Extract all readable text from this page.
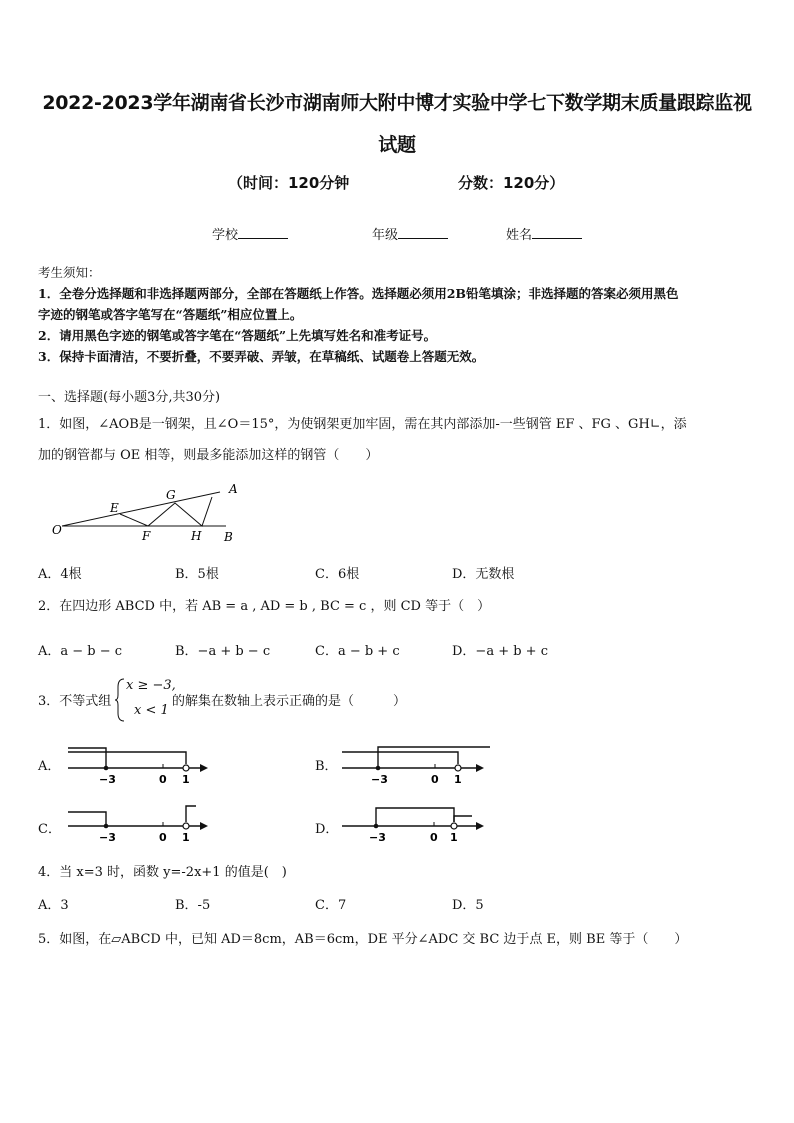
2022-2023学年湖南省长沙市湖南师大附中博才实验中学七下数学期末质量跟踪监视
试题
（时间：120分钟	分数：120分）
学校	年级	姓名
考生须知：
1．全卷分选择题和非选择题两部分，全部在答题纸上作答。选择题必须用2B铅笔填涂；非选择题的答案必须用黑色
字迹的钢笔或答字笔写在“答题纸”相应位置上。
2．请用黑色字迹的钢笔或答字笔在“答题纸”上先填写姓名和准考证号。
3．保持卡面清洁，不要折叠，不要弄破、弄皱，在草稿纸、试题卷上答题无效。
一、选择题(每小题3分,共30分)
1．如图，∠AOB是一钢架，且∠O＝15°，为使钢架更加牢固，需在其内部添加-一些钢管 EF 、FG 、GH∟，添
加的钢管都与 OE 相等，则最多能添加这样的钢管（　　）
O
E
F
G
H
A
B
A．4根	B．5根	C．6根	D．无数根
2．在四边形 ABCD 中，若 AB = a , AD = b , BC = c ，则 CD 等于（　）
A．a − b − c	B．−a + b − c	C．a − b + c	D．−a + b + c
3．不等式组
x ≥ −3,
x < 1
的解集在数轴上表示正确的是（　　　）
A．
−3	0 1
B．
−3	0 1
C．
−3	0 1
D．
−3	0 1
4．当 x=3 时，函数 y=-2x+1 的值是(　)
A．3	B．-5	C．7	D．5
5．如图，在▱ABCD 中，已知 AD＝8cm，AB＝6cm，DE 平分∠ADC 交 BC 边于点 E，则 BE 等于（　　）
